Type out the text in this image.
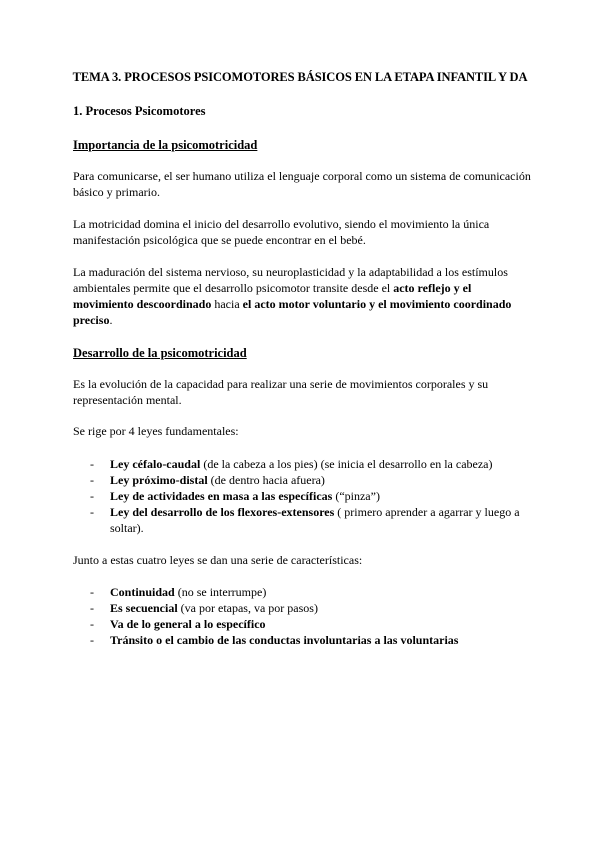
TEMA 3. PROCESOS PSICOMOTORES BÁSICOS EN LA ETAPA INFANTIL Y DA
1. Procesos Psicomotores
Importancia de la psicomotricidad

Para comunicarse, el ser humano utiliza el lenguaje corporal como un sistema de comunicación básico y primario.

La motricidad domina el inicio del desarrollo evolutivo, siendo el movimiento la única manifestación psicológica que se puede encontrar en el bebé.

La maduración del sistema nervioso, su neuroplasticidad y la adaptabilidad a los estímulos ambientales permite que el desarrollo psicomotor transite desde el acto reflejo y el movimiento descoordinado hacia el acto motor voluntario y el movimiento coordinado preciso.

Desarrollo de la psicomotricidad

Es la evolución de la capacidad para realizar una serie de movimientos corporales y su representación mental.

Se rige por 4 leyes fundamentales:

- Ley céfalo-caudal (de la cabeza a los pies) (se inicia el desarrollo en la cabeza)
- Ley próximo-distal (de dentro hacia afuera)
- Ley de actividades en masa a las específicas (“pinza”)
- Ley del desarrollo de los flexores-extensores ( primero aprender a agarrar y luego a soltar).

Junto a estas cuatro leyes se dan una serie de características:

- Continuidad (no se interrumpe)
- Es secuencial (va por etapas, va por pasos)
- Va de lo general a lo específico
- Tránsito o el cambio de las conductas involuntarias a las voluntarias
